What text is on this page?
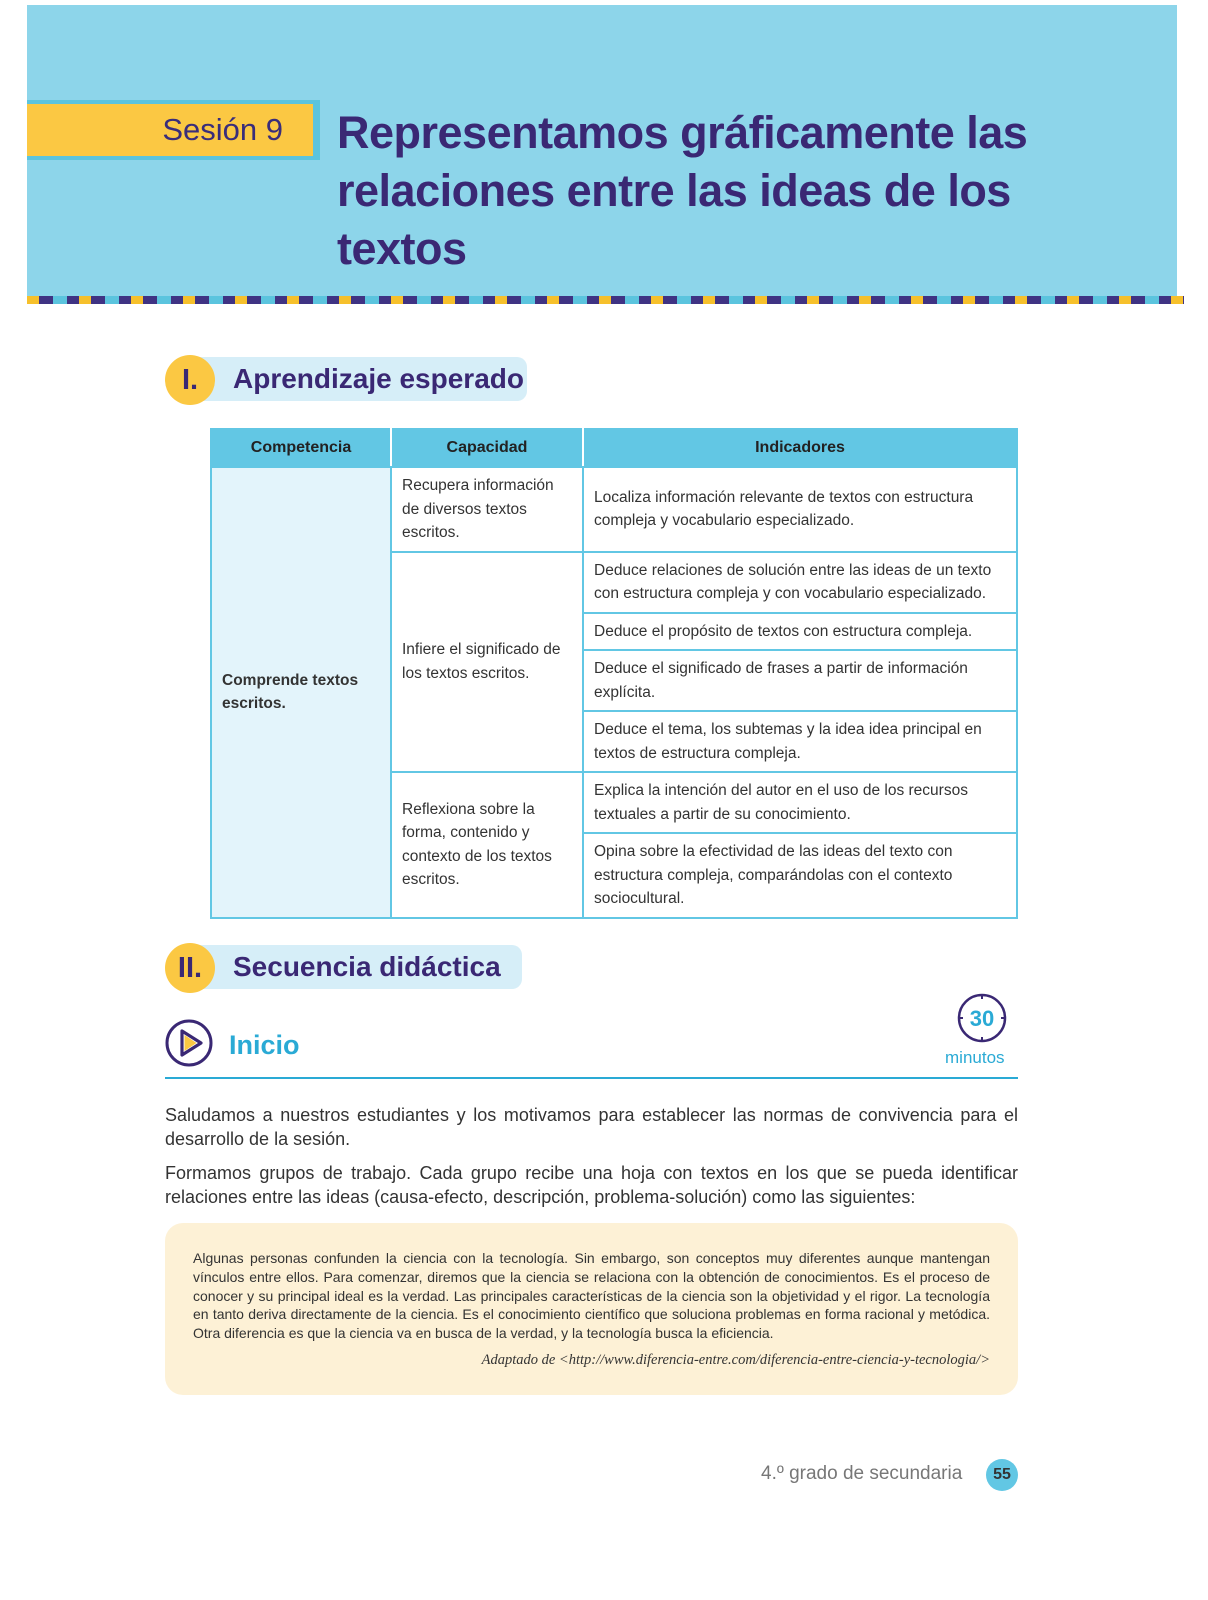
Sesión 9	Representamos gráficamente las
relaciones entre las ideas de los
textos
I.	Aprendizaje esperado
Competencia	Capacidad	Indicadores
Comprende textos escritos.	Recupera información de diversos textos escritos.	Localiza información relevante de textos con estructura compleja y vocabulario especializado.
	Infiere el significado de los textos escritos.	Deduce relaciones de solución entre las ideas de un texto con estructura compleja y con vocabulario especializado.
		Deduce el propósito de textos con estructura compleja.
		Deduce el significado de frases a partir de información explícita.
		Deduce el tema, los subtemas y la idea idea principal en textos de estructura compleja.
	Reflexiona sobre la forma, contenido y contexto de los textos escritos.	Explica la intención del autor en el uso de los recursos textuales a partir de su conocimiento.
		Opina sobre la efectividad de las ideas del texto con estructura compleja, comparándolas con el contexto sociocultural.
II.	Secuencia didáctica
Inicio
30
minutos
Saludamos a nuestros estudiantes y los motivamos para establecer las normas de convivencia para el desarrollo de la sesión.
Formamos grupos de trabajo. Cada grupo recibe una hoja con textos en los que se pueda identificar relaciones entre las ideas (causa-efecto, descripción, problema-solución) como las siguientes:
Algunas personas confunden la ciencia con la tecnología. Sin embargo, son conceptos muy diferentes aunque mantengan vínculos entre ellos. Para comenzar, diremos que la ciencia se relaciona con la obtención de conocimientos. Es el proceso de conocer y su principal ideal es la verdad. Las principales características de la ciencia son la objetividad y el rigor. La tecnología en tanto deriva directamente de la ciencia. Es el conocimiento científico que soluciona problemas en forma racional y metódica. Otra diferencia es que la ciencia va en busca de la verdad, y la tecnología busca la eficiencia.
Adaptado de <http://www.diferencia-entre.com/diferencia-entre-ciencia-y-tecnologia/>
4.º grado de secundaria	55
